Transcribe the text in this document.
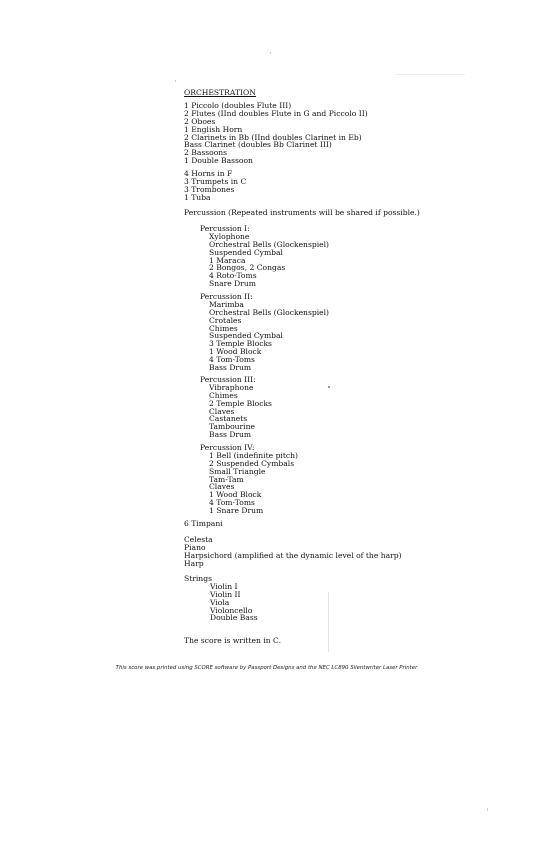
ORCHESTRATION
1 Piccolo (doubles Flute III)
2 Flutes (IInd doubles Flute in G and Piccolo II)
2 Oboes
1 English Horn
2 Clarinets in Bb (IInd doubles Clarinet in Eb)
Bass Clarinet (doubles Bb Clarinet III)
2 Bassoons
1 Double Bassoon
4 Horns in F
3 Trumpets in C
3 Trombones
1 Tuba
Percussion (Repeated instruments will be shared if possible.)
Percussion I:
Xylophone
Orchestral Bells (Glockenspiel)
Suspended Cymbal
1 Maraca
2 Bongos, 2 Congas
4 Roto-Toms
Snare Drum
Percussion II:
Marimba
Orchestral Bells (Glockenspiel)
Crotales
Chimes
Suspended Cymbal
3 Temple Blocks
1 Wood Block
4 Tom-Toms
Bass Drum
Percussion III:
Vibraphone
Chimes
2 Temple Blocks
Claves
Castanets
Tambourine
Bass Drum
Percussion IV:
1 Bell (indefinite pitch)
2 Suspended Cymbals
Small Triangle
Tam-Tam
Claves
1 Wood Block
4 Tom-Toms
1 Snare Drum
6 Timpani
Celesta
Piano
Harpsichord (amplified at the dynamic level of the harp)
Harp
Strings
Violin I
Violin II
Viola
Violoncello
Double Bass
The score is written in C.
This score was printed using SCORE software by Passport Designs and the NEC LC890 Silentwriter Laser Printer
